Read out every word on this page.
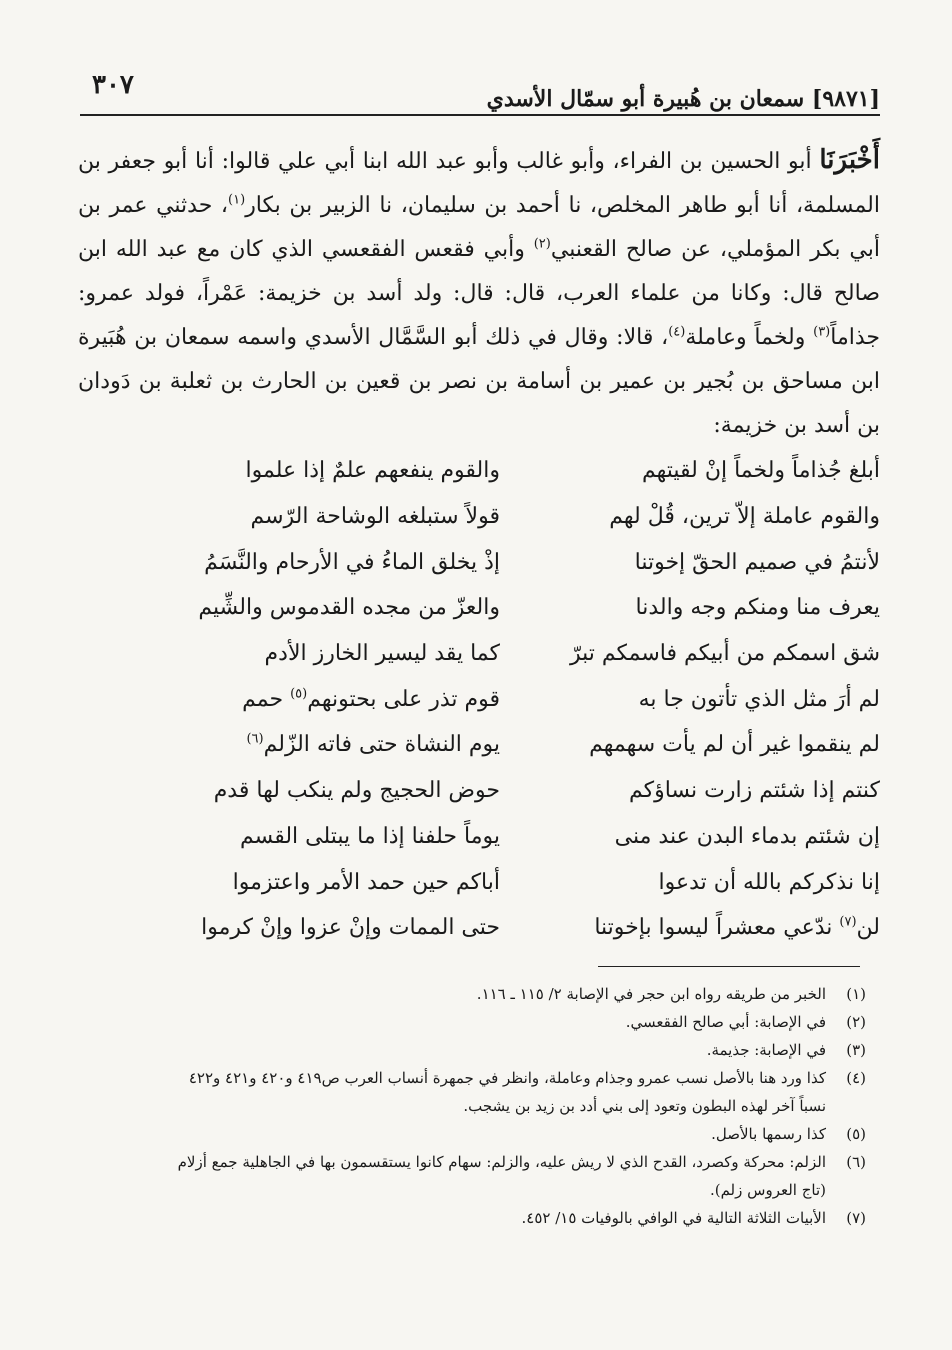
[٩٨٧١] سمعان بن هُبيرة أبو سمّال الأسدي
٣٠٧

أَخْبَرَنَا أبو الحسين بن الفراء، وأبو غالب وأبو عبد الله ابنا أبي علي قالوا: أنا أبو جعفر بن المسلمة، أنا أبو طاهر المخلص، نا أحمد بن سليمان، نا الزبير بن بكار$^{(١)}$، حدثني عمر بن أبي بكر المؤملي، عن صالح القعنبي$^{(٢)}$ وأبي فقعس الفقعسي الذي كان مع عبد الله ابن صالح قال: وكانا من علماء العرب، قال: قال: ولد أسد بن خزيمة: عَمْراً، فولد عمرو: جذاماً$^{(٣)}$ ولخماً وعاملة$^{(٤)}$، قالا: وقال في ذلك أبو السَّمَّال الأسدي واسمه سمعان بن هُبَيرة ابن مساحق بن بُجير بن عمير بن أسامة بن نصر بن قعين بن الحارث بن ثعلبة بن دَودان بن أسد بن خزيمة:

أبلغ جُذاماً ولخماً إنْ لقيتهم
والقوم ينفعهم علمٌ إذا علموا
والقوم عاملة إلاّ ترين، قُلْ لهم
قولاً ستبلغه الوشاحة الرّسم
لأنتمُ في صميم الحقّ إخوتنا
إذْ يخلق الماءُ في الأرحام والنَّسَمُ
يعرف منا ومنكم وجه والدنا
والعزّ من مجده القدموس والشِّيم
شق اسمكم من أبيكم فاسمكم تبرّ
كما يقد ليسير الخارز الأدم
لم أرَ مثل الذي تأتون جا به
قوم تذر على بحتونهم$^{(٥)}$ حمم
لم ينقموا غير أن لم يأت سهمهم
يوم النشاة حتى فاته الزّلم$^{(٦)}$
كنتم إذا شئتم زارت نساؤكم
حوض الحجيج ولم ينكب لها قدم
إن شئتم بدماء البدن عند منى
يوماً حلفنا إذا ما يبتلى القسم
إنا نذكركم بالله أن تدعوا
أباكم حين حمد الأمر واعتزموا
لن$^{(٧)}$ ندّعي معشراً ليسوا بإخوتنا
حتى الممات وإنْ عزوا وإنْ كرموا
(١)
الخبر من طريقه رواه ابن حجر في الإصابة ٢/ ١١٥ ـ ١١٦.
(٢)
في الإصابة: أبي صالح الفقعسي.
(٣)
في الإصابة: جذيمة.
(٤)
كذا ورد هنا بالأصل نسب عمرو وجذام وعاملة، وانظر في جمهرة أنساب العرب ص٤١٩ و٤٢٠ و٤٢١ و٤٢٢
نسباً آخر لهذه البطون وتعود إلى بني أدد بن زيد بن يشجب.
(٥)
كذا رسمها بالأصل.
(٦)
الزلم: محركة وكصرد، القدح الذي لا ريش عليه، والزلم: سهام كانوا يستقسمون بها في الجاهلية جمع أزلام
(تاج العروس زلم).
(٧)
الأبيات الثلاثة التالية في الوافي بالوفيات ١٥/ ٤٥٢.
